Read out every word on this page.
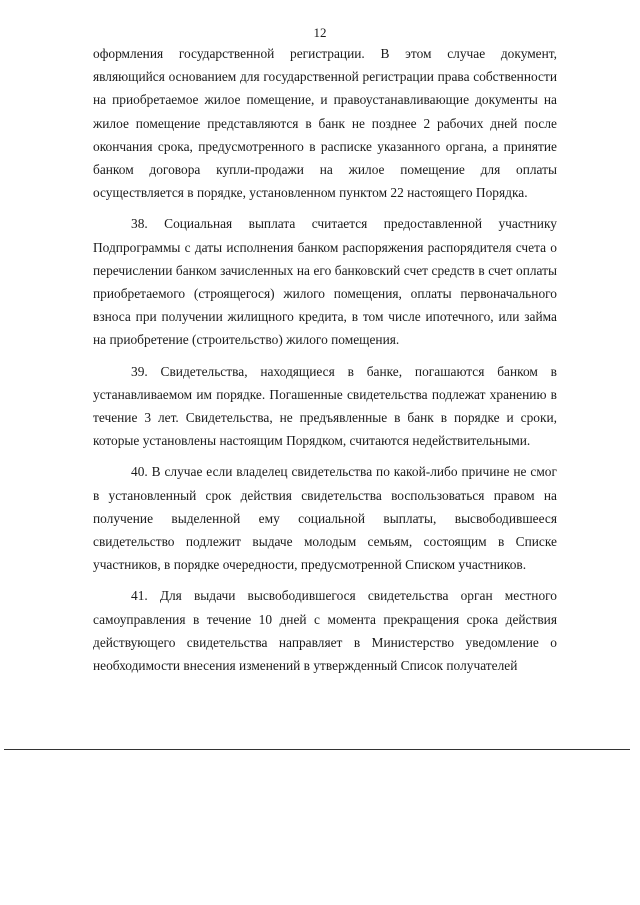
12

оформления государственной регистрации. В этом случае документ, являющийся основанием для государственной регистрации права собственности на приобретаемое жилое помещение, и правоустанавливающие документы на жилое помещение представляются в банк не позднее 2 рабочих дней после окончания срока, предусмотренного в расписке указанного органа, а принятие банком договора купли-продажи на жилое помещение для оплаты осуществляется в порядке, установленном пунктом 22 настоящего Порядка.

38. Социальная выплата считается предоставленной участнику Подпрограммы с даты исполнения банком распоряжения распорядителя счета о перечислении банком зачисленных на его банковский счет средств в счет оплаты приобретаемого (строящегося) жилого помещения, оплаты первоначального взноса при получении жилищного кредита, в том числе ипотечного, или займа на приобретение (строительство) жилого помещения.

39. Свидетельства, находящиеся в банке, погашаются банком в устанавливаемом им порядке. Погашенные свидетельства подлежат хранению в течение 3 лет. Свидетельства, не предъявленные в банк в порядке и сроки, которые установлены настоящим Порядком, считаются недействительными.

40. В случае если владелец свидетельства по какой-либо причине не смог в установленный срок действия свидетельства воспользоваться правом на получение выделенной ему социальной выплаты, высвободившееся свидетельство подлежит выдаче молодым семьям, состоящим в Списке участников, в порядке очередности, предусмотренной Списком участников.

41. Для выдачи высвободившегося свидетельства орган местного самоуправления в течение 10 дней с момента прекращения срока действия действующего свидетельства направляет в Министерство уведомление о необходимости внесения изменений в утвержденный Список получателей
